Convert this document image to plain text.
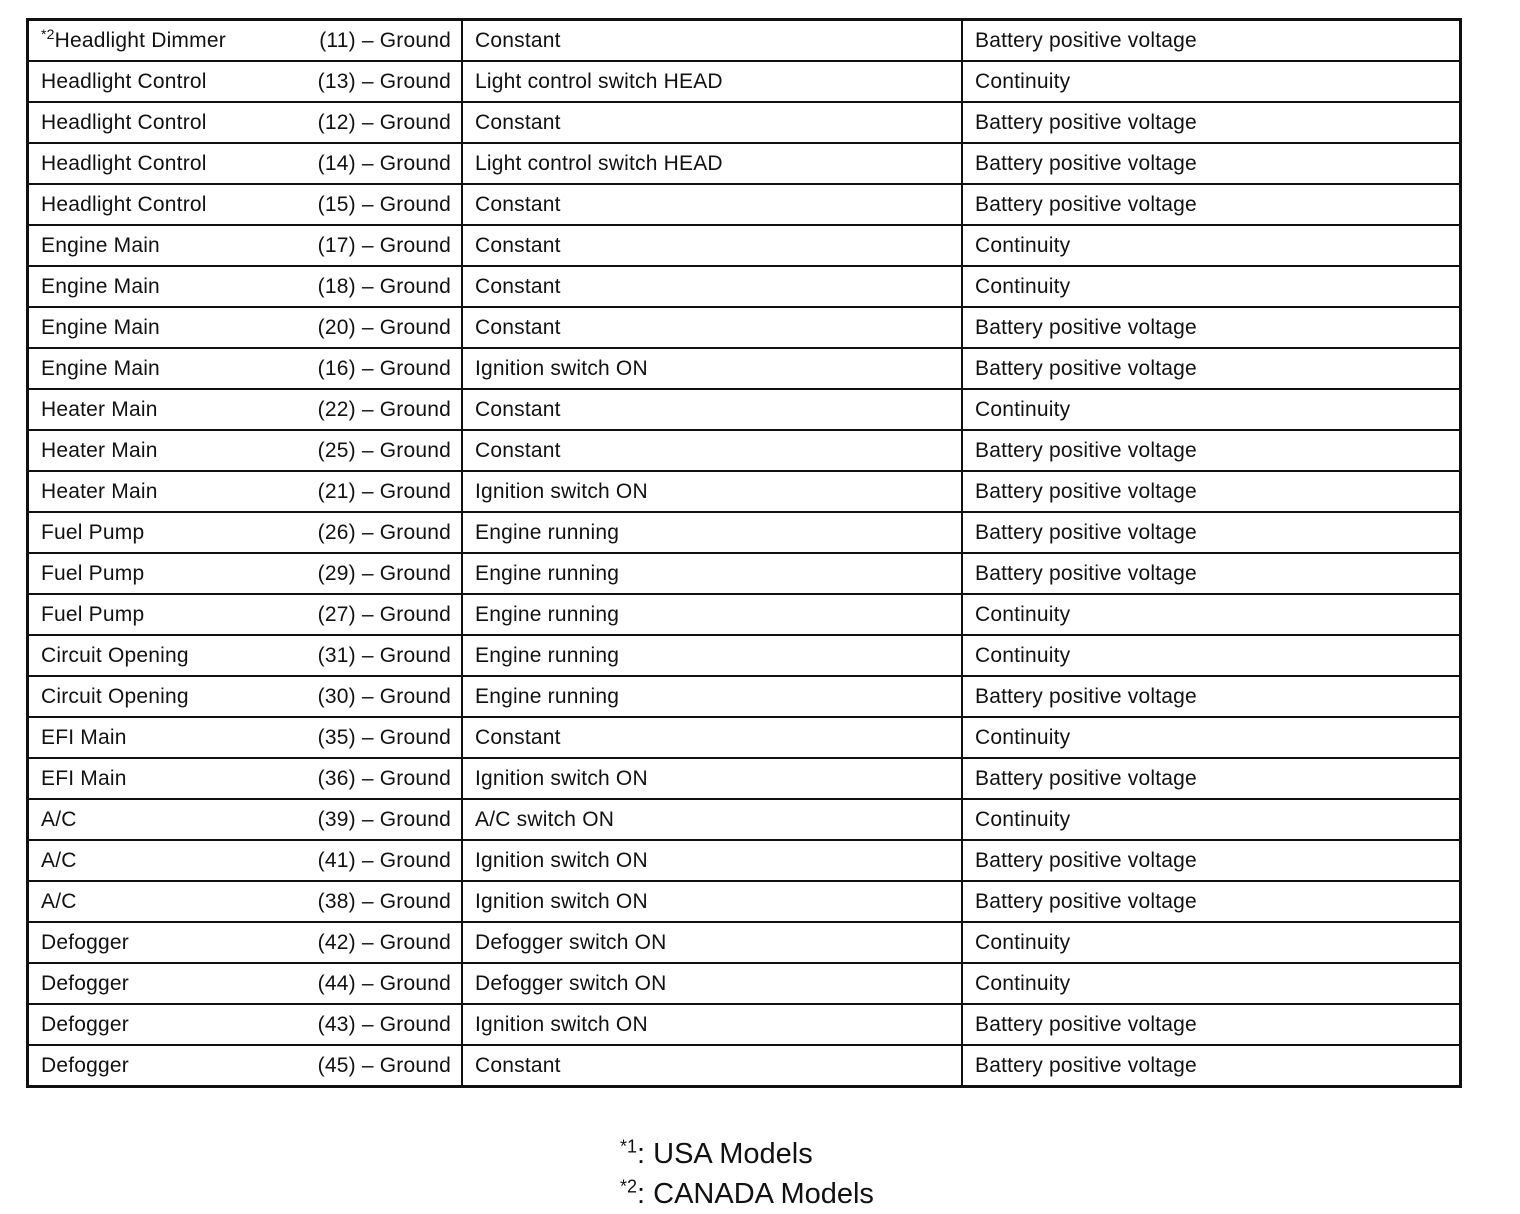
$^{*2}$Headlight Dimmer (11) – Ground	Constant	Battery positive voltage

Headlight Control (13) – Ground	Light control switch HEAD	Continuity

Headlight Control (12) – Ground	Constant	Battery positive voltage

Headlight Control (14) – Ground	Light control switch HEAD	Battery positive voltage

Headlight Control (15) – Ground	Constant	Battery positive voltage

Engine Main (17) – Ground	Constant	Continuity

Engine Main (18) – Ground	Constant	Continuity

Engine Main (20) – Ground	Constant	Battery positive voltage

Engine Main (16) – Ground	Ignition switch ON	Battery positive voltage

Heater Main (22) – Ground	Constant	Continuity

Heater Main (25) – Ground	Constant	Battery positive voltage

Heater Main (21) – Ground	Ignition switch ON	Battery positive voltage

Fuel Pump (26) – Ground	Engine running	Battery positive voltage

Fuel Pump (29) – Ground	Engine running	Battery positive voltage

Fuel Pump (27) – Ground	Engine running	Continuity

Circuit Opening (31) – Ground	Engine running	Continuity

Circuit Opening (30) – Ground	Engine running	Battery positive voltage

EFI Main (35) – Ground	Constant	Continuity

EFI Main (36) – Ground	Ignition switch ON	Battery positive voltage

A/C (39) – Ground	A/C switch ON	Continuity

A/C (41) – Ground	Ignition switch ON	Battery positive voltage

A/C (38) – Ground	Ignition switch ON	Battery positive voltage

Defogger (42) – Ground	Defogger switch ON	Continuity

Defogger (44) – Ground	Defogger switch ON	Continuity

Defogger (43) – Ground	Ignition switch ON	Battery positive voltage

Defogger (45) – Ground	Constant	Battery positive voltage
$^{*1}$: USA Models
$^{*2}$: CANADA Models
